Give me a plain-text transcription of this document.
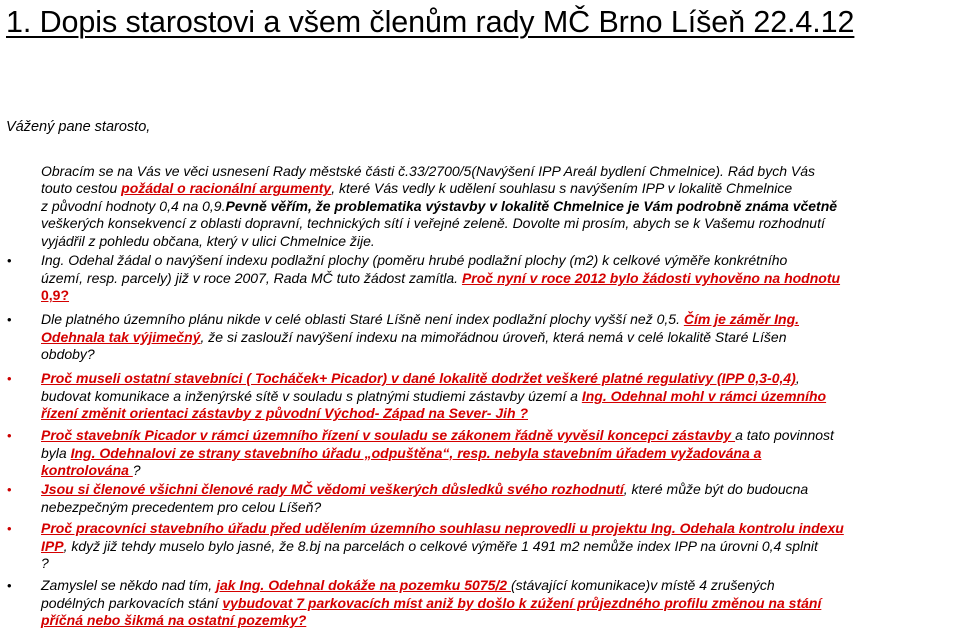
1. Dopis starostovi a všem členům rady MČ Brno Líšeň 22.4.12
Vážený pane starosto,
Obracím se na Vás ve věci usnesení Rady městské části č.33/2700/5(Navýšení IPP Areál bydlení Chmelnice). Rád bych Vás
touto cestou požádal o racionální argumenty, které Vás vedly k udělení souhlasu s navýšením IPP v lokalitě Chmelnice
z původní hodnoty 0,4 na 0,9.Pevně věřím, že problematika výstavby v lokalitě Chmelnice je Vám podrobně známa včetně
veškerých konsekvencí z oblasti dopravní, technických sítí i veřejné zeleně. Dovolte mi prosím, abych se k Vašemu rozhodnutí
vyjádřil z pohledu občana, který v ulici Chmelnice žije.
• Ing. Odehal žádal o navýšení indexu podlažní plochy (poměru hrubé podlažní plochy (m2) k celkové výměře konkrétního
území, resp. parcely) již v roce 2007, Rada MČ tuto žádost zamítla. Proč nyní v roce 2012 bylo žádosti vyhověno na hodnotu
0,9?
• Dle platného územního plánu nikde v celé oblasti Staré Líšně není index podlažní plochy vyšší než 0,5. Čím je záměr Ing.
Odehnala tak výjimečný, že si zaslouží navýšení indexu na mimořádnou úroveň, která nemá v celé lokalitě Staré Líšen
obdoby?
• Proč museli ostatní stavebníci ( Tocháček+ Picador) v dané lokalitě dodržet veškeré platné regulativy (IPP 0,3-0,4),
budovat komunikace a inženýrské sítě v souladu s platnými studiemi zástavby území a Ing. Odehnal mohl v rámci územního
řízení změnit orientaci zástavby z původní Východ- Západ na Sever- Jih ?
• Proč stavebník Picador v rámci územního řízení v souladu se zákonem řádně vyvěsil koncepci zástavby a tato povinnost
byla Ing. Odehnalovi ze strany stavebního úřadu „odpuštěna“, resp. nebyla stavebním úřadem vyžadována a
kontrolována ?
• Jsou si členové všichni členové rady MČ vědomi veškerých důsledků svého rozhodnutí, které může být do budoucna
nebezpečným precedentem pro celou Líšeň?
• Proč pracovníci stavebního úřadu před udělením územního souhlasu neprovedli u projektu Ing. Odehala kontrolu indexu
IPP, když již tehdy muselo bylo jasné, že 8.bj na parcelách o celkové výměře 1 491 m2 nemůže index IPP na úrovni 0,4 splnit
?
• Zamyslel se někdo nad tím, jak Ing. Odehnal dokáže na pozemku 5075/2 (stávající komunikace)v místě 4 zrušených
podélných parkovacích stání vybudovat 7 parkovacích míst aniž by došlo k zúžení průjezdného profilu změnou na stání
příčná nebo šikmá na ostatní pozemky?
